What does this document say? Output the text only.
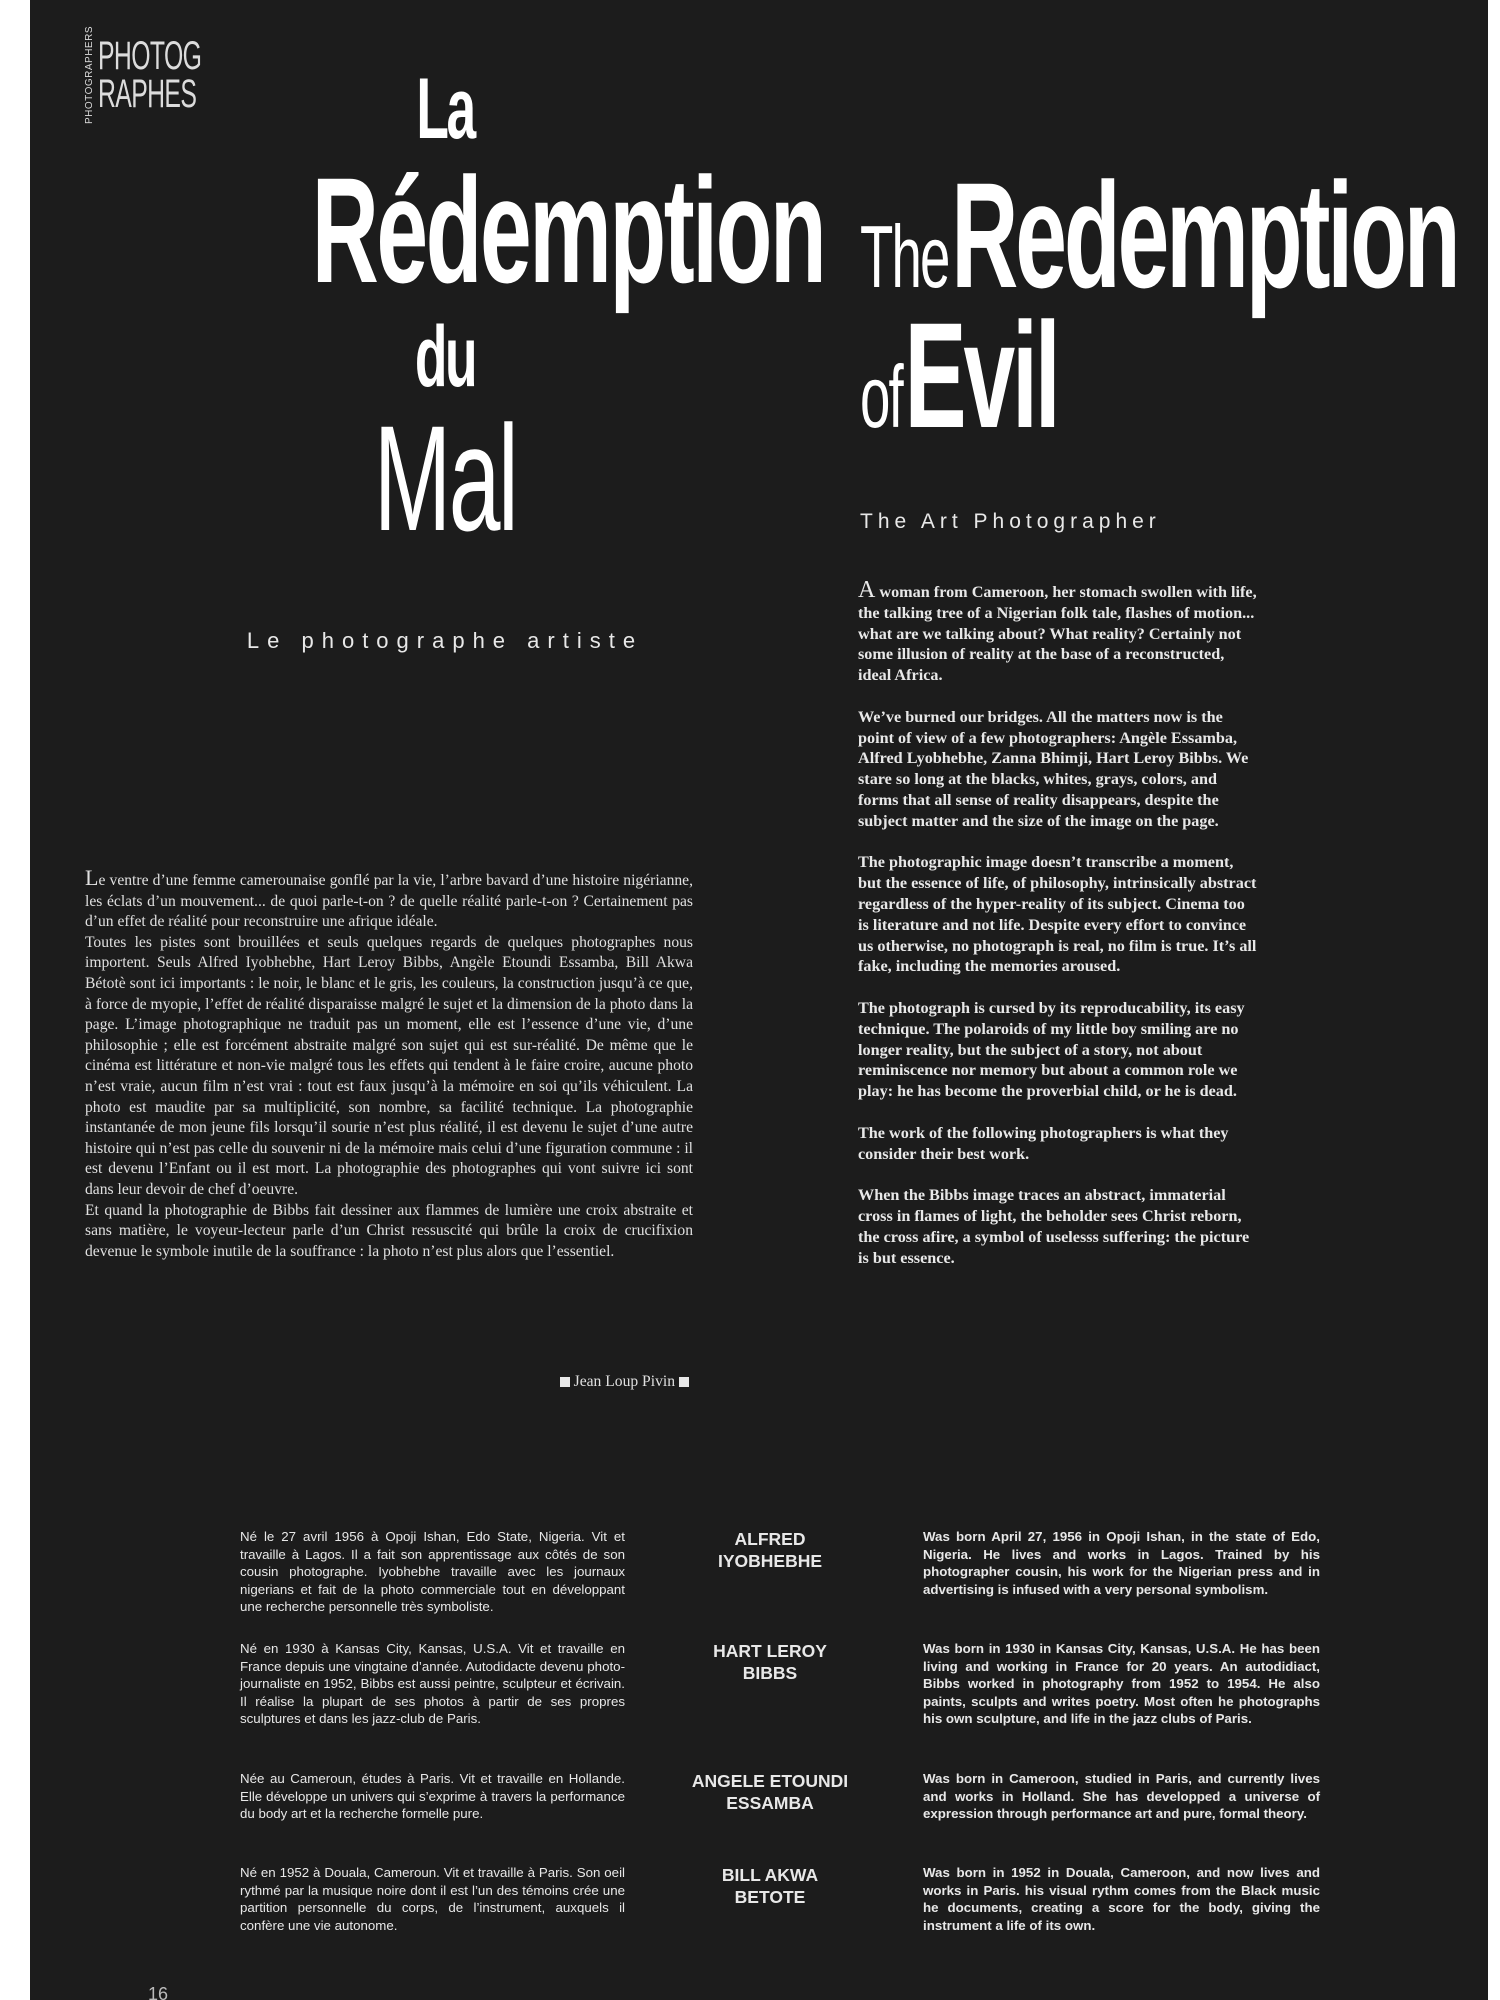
PHOTOGRAPHERS PHOTOG
RAPHES	La
Rédemption
du
Mal
Le photographe artiste
The Redemption
of Evil
The Art Photographer

Le ventre d’une femme camerounaise gonflé par la vie, l’arbre bavard d’une histoire nigérianne, les éclats d’un mouvement... de quoi parle-t-on ? de quelle réalité parle-t-on ? Certainement pas d’un effet de réalité pour reconstruire une afrique idéale.

Toutes les pistes sont brouillées et seuls quelques regards de quelques photographes nous importent. Seuls Alfred Iyobhebhe, Hart Leroy Bibbs, Angèle Etoundi Essamba, Bill Akwa Bétotè sont ici importants : le noir, le blanc et le gris, les couleurs, la construction jusqu’à ce que, à force de myopie, l’effet de réalité disparaisse malgré le sujet et la dimension de la photo dans la page. L’image photographique ne traduit pas un moment, elle est l’essence d’une vie, d’une philosophie ; elle est forcément abstraite malgré son sujet qui est sur-réalité. De même que le cinéma est littérature et non-vie malgré tous les effets qui tendent à le faire croire, aucune photo n’est vraie, aucun film n’est vrai : tout est faux jusqu’à la mémoire en soi qu’ils véhiculent. La photo est maudite par sa multiplicité, son nombre, sa facilité technique. La photographie instantanée de mon jeune fils lorsqu’il sourie n’est plus réalité, il est devenu le sujet d’une autre histoire qui n’est pas celle du souvenir ni de la mémoire mais celui d’une figuration commune : il est devenu l’Enfant ou il est mort. La photographie des photographes qui vont suivre ici sont dans leur devoir de chef d’oeuvre.

Et quand la photographie de Bibbs fait dessiner aux flammes de lumière une croix abstraite et sans matière, le voyeur-lecteur parle d’un Christ ressuscité qui brûle la croix de crucifixion devenue le symbole inutile de la souffrance : la photo n’est plus alors que l’essentiel.

Jean Loup Pivin

A woman from Cameroon, her stomach swollen with life, the talking tree of a Nigerian folk tale, flashes of motion... what are we talking about? What reality? Certainly not some illusion of reality at the base of a reconstructed, ideal Africa.

We’ve burned our bridges. All the matters now is the point of view of a few photographers: Angèle Essamba, Alfred Lyobhebhe, Zanna Bhimji, Hart Leroy Bibbs. We stare so long at the blacks, whites, grays, colors, and forms that all sense of reality disappears, despite the subject matter and the size of the image on the page.

The photographic image doesn’t transcribe a moment, but the essence of life, of philosophy, intrinsically abstract regardless of the hyper-reality of its subject. Cinema too is literature and not life. Despite every effort to convince us otherwise, no photograph is real, no film is true. It’s all fake, including the memories aroused.

The photograph is cursed by its reproducability, its easy technique. The polaroids of my little boy smiling are no longer reality, but the subject of a story, not about reminiscence nor memory but about a common role we play: he has become the proverbial child, or he is dead.

The work of the following photographers is what they consider their best work.

When the Bibbs image traces an abstract, immaterial cross in flames of light, the beholder sees Christ reborn, the cross afire, a symbol of uselesss suffering: the picture is but essence.

Né le 27 avril 1956 à Opoji Ishan, Edo State, Nigeria. Vit et travaille à Lagos. Il a fait son apprentissage aux côtés de son cousin photographe. Iyobhebhe travaille avec les journaux nigerians et fait de la photo commerciale tout en développant une recherche personnelle très symboliste.
ALFRED
IYOBHEBHE
Was born April 27, 1956 in Opoji Ishan, in the state of Edo, Nigeria. He lives and works in Lagos. Trained by his photographer cousin, his work for the Nigerian press and in advertising is infused with a very personal symbolism.
Né en 1930 à Kansas City, Kansas, U.S.A. Vit et travaille en France depuis une vingtaine d’année. Autodidacte devenu photo-journaliste en 1952, Bibbs est aussi peintre, sculpteur et écrivain. Il réalise la plupart de ses photos à partir de ses propres sculptures et dans les jazz-club de Paris.
HART LEROY
BIBBS
Was born in 1930 in Kansas City, Kansas, U.S.A. He has been living and working in France for 20 years. An autodidiact, Bibbs worked in photography from 1952 to 1954. He also paints, sculpts and writes poetry. Most often he photographs his own sculpture, and life in the jazz clubs of Paris.
Née au Cameroun, études à Paris. Vit et travaille en Hollande. Elle développe un univers qui s’exprime à travers la performance du body art et la recherche formelle pure.
ANGELE ETOUNDI
ESSAMBA
Was born in Cameroon, studied in Paris, and currently lives and works in Holland. She has developped a universe of expression through performance art and pure, formal theory.
Né en 1952 à Douala, Cameroun. Vit et travaille à Paris. Son oeil rythmé par la musique noire dont il est l’un des témoins crée une partition personnelle du corps, de l’instrument, auxquels il confère une vie autonome.
BILL AKWA
BETOTE
Was born in 1952 in Douala, Cameroon, and now lives and works in Paris. his visual rythm comes from the Black music he documents, creating a score for the body, giving the instrument a life of its own.
16
